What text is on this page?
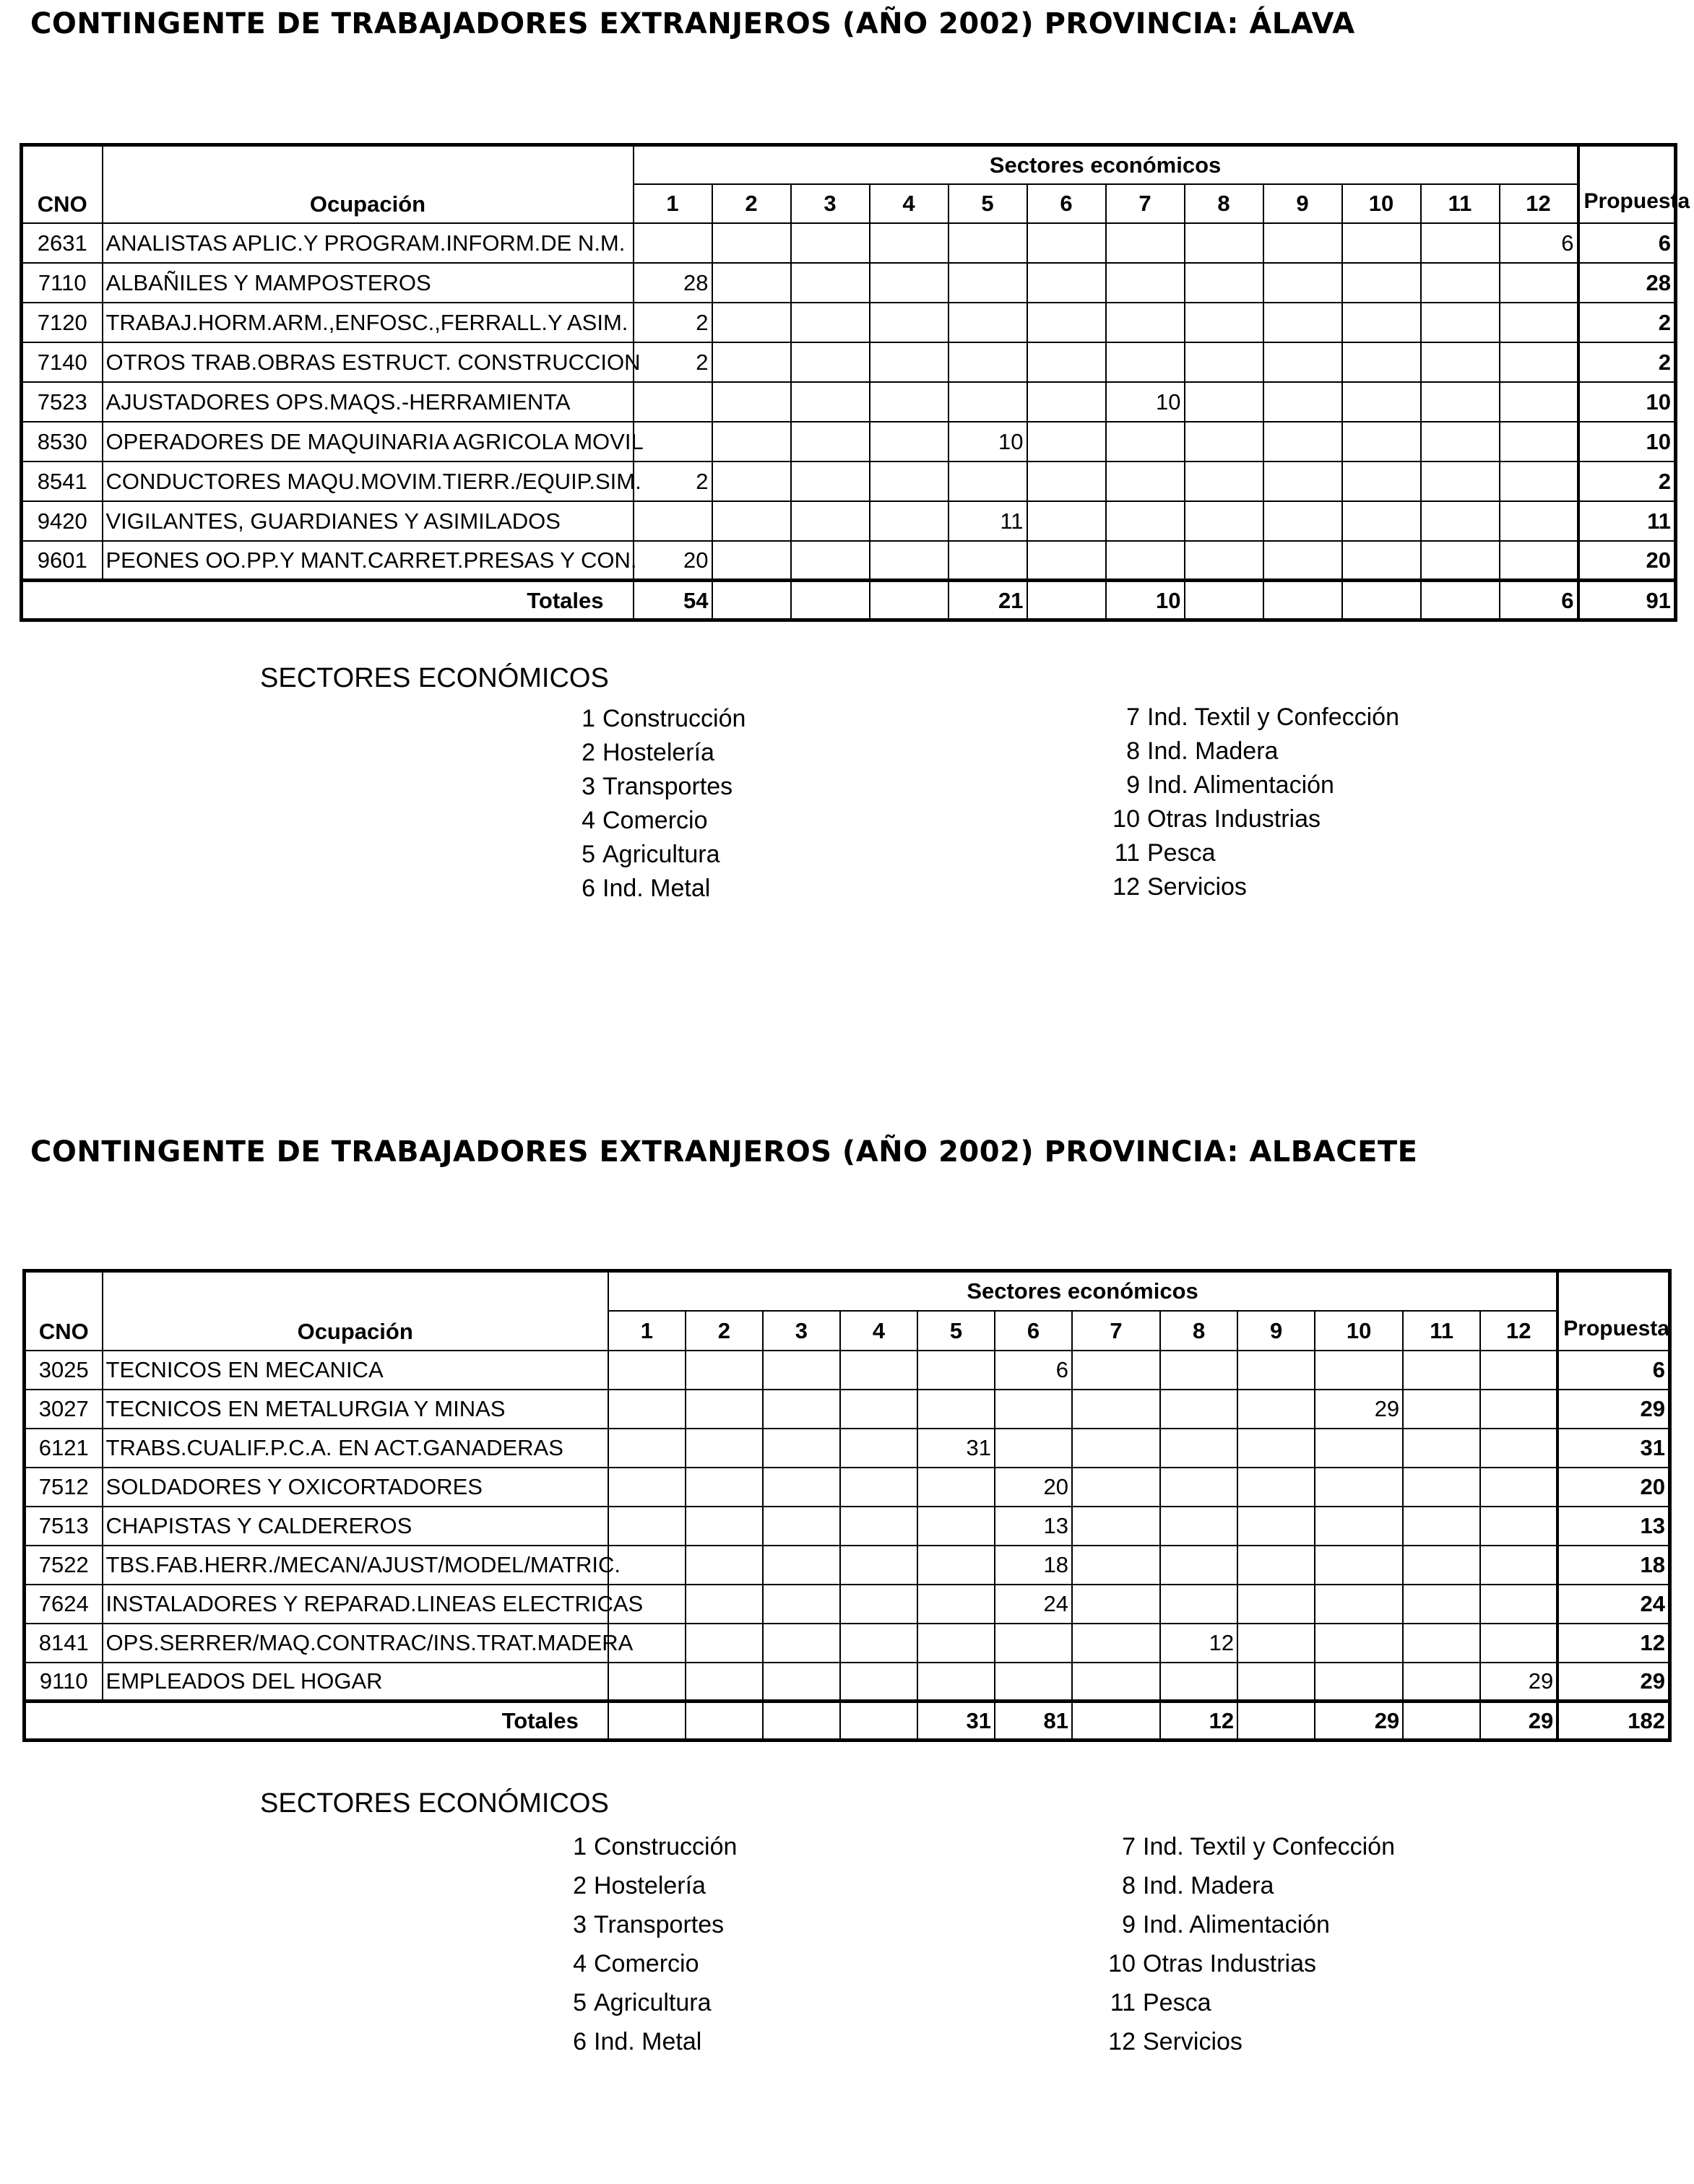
CONTINGENTE DE TRABAJADORES EXTRANJEROS (AÑO 2002) PROVINCIA: ÁLAVA
CNO	Ocupación	Sectores económicos												Propuesta
		1	2	3	4	5	6	7	8	9	10	11	12	
2631	ANALISTAS APLIC.Y PROGRAM.INFORM.DE N.M.												6	6
7110	ALBAÑILES Y MAMPOSTEROS	28												28
7120	TRABAJ.HORM.ARM.,ENFOSC.,FERRALL.Y ASIM.	2												2
7140	OTROS TRAB.OBRAS ESTRUCT. CONSTRUCCION	2												2
7523	AJUSTADORES OPS.MAQS.-HERRAMIENTA							10						10
8530	OPERADORES DE MAQUINARIA AGRICOLA MOVIL					10								10
8541	CONDUCTORES MAQU.MOVIM.TIERR./EQUIP.SIM.	2												2
9420	VIGILANTES, GUARDIANES Y ASIMILADOS					11								11
9601	PEONES OO.PP.Y MANT.CARRET.PRESAS Y CON.	20												20
Totales		54				21		10					6	91
SECTORES ECONÓMICOS
1 Construcción
2 Hostelería
3 Transportes
4 Comercio
5 Agricultura
6 Ind. Metal
7 Ind. Textil y Confección
8 Ind. Madera
9 Ind. Alimentación
10 Otras Industrias
11 Pesca
12 Servicios
CONTINGENTE DE TRABAJADORES EXTRANJEROS (AÑO 2002) PROVINCIA: ALBACETE
CNO	Ocupación	Sectores económicos												Propuesta
		1	2	3	4	5	6	7	8	9	10	11	12	
3025	TECNICOS EN MECANICA						6							6
3027	TECNICOS EN METALURGIA Y MINAS										29			29
6121	TRABS.CUALIF.P.C.A. EN ACT.GANADERAS					31								31
7512	SOLDADORES Y OXICORTADORES						20							20
7513	CHAPISTAS Y CALDEREROS						13							13
7522	TBS.FAB.HERR./MECAN/AJUST/MODEL/MATRIC.						18							18
7624	INSTALADORES Y REPARAD.LINEAS ELECTRICAS						24							24
8141	OPS.SERRER/MAQ.CONTRAC/INS.TRAT.MADERA								12					12
9110	EMPLEADOS DEL HOGAR												29	29
Totales						31	81		12		29		29	182
SECTORES ECONÓMICOS
1 Construcción
2 Hostelería
3 Transportes
4 Comercio
5 Agricultura
6 Ind. Metal
7 Ind. Textil y Confección
8 Ind. Madera
9 Ind. Alimentación
10 Otras Industrias
11 Pesca
12 Servicios
